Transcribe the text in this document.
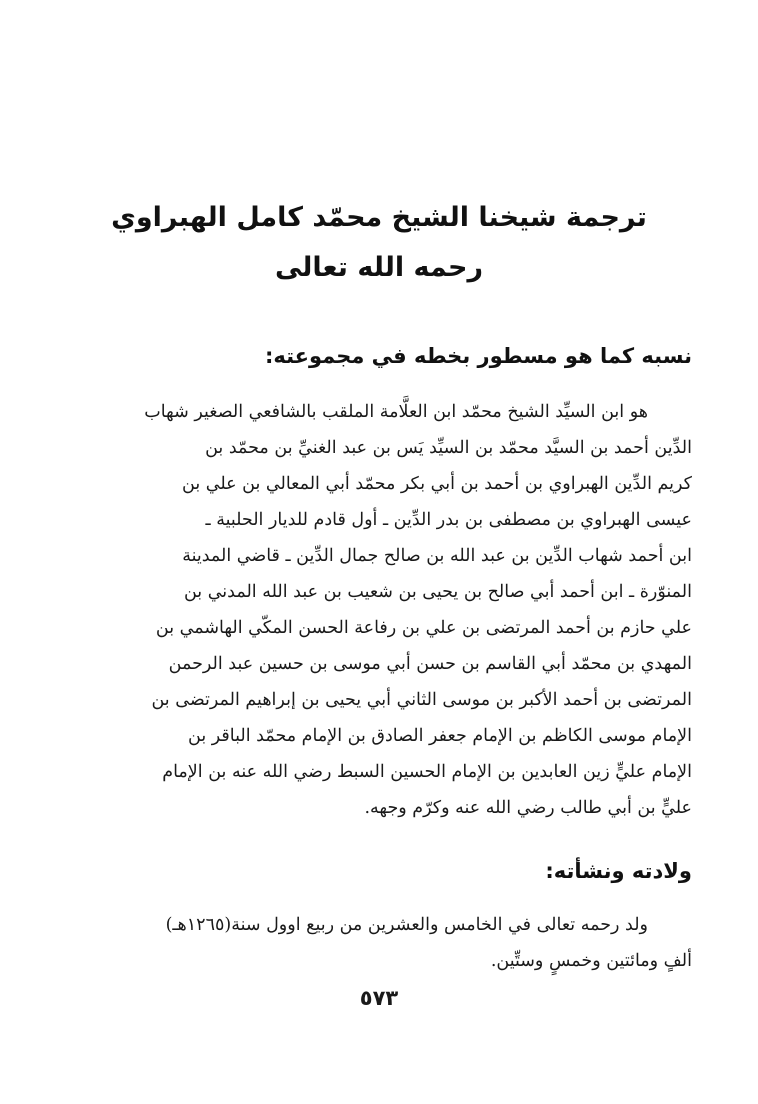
ترجمة شيخنا الشيخ محمّد كامل الهبراوي
رحمه الله تعالى
نسبه كما هو مسطور بخطه في مجموعته:
هو ابن السيِّد الشيخ محمّد ابن العلَّامة الملقب بالشافعي الصغير شهاب
الدِّين أحمد بن السيَّد محمّد بن السيِّد يَس بن عبد الغنيِّ بن محمّد بن
كريم الدِّين الهبراوي بن أحمد بن أبي بكر محمّد أبي المعالي بن علي بن
عيسى الهبراوي بن مصطفى بن بدر الدِّين ـ أول قادم للديار الحلبية ـ
ابن أحمد شهاب الدِّين بن عبد الله بن صالح جمال الدِّين ـ قاضي المدينة
المنوّرة ـ ابن أحمد أبي صالح بن يحيى بن شعيب بن عبد الله المدني بن
علي حازم بن أحمد المرتضى بن علي بن رفاعة الحسن المكّي الهاشمي بن
المهدي بن محمّد أبي القاسم بن حسن أبي موسى بن حسين عبد الرحمن
المرتضى بن أحمد الأكبر بن موسى الثاني أبي يحيى بن إبراهيم المرتضى بن
الإمام موسى الكاظم بن الإمام جعفر الصادق بن الإمام محمّد الباقر بن
الإمام عليٍّ زين العابدين بن الإمام الحسين السبط رضي الله عنه بن الإمام
عليٍّ بن أبي طالب رضي الله عنه وكرّم وجهه.
ولادته ونشأته:
ولد رحمه تعالى في الخامس والعشرين من ربيع اوول سنة(١٢٦٥هـ)
ألفٍ ومائتين وخمسٍ وستِّين.
٥٧٣
